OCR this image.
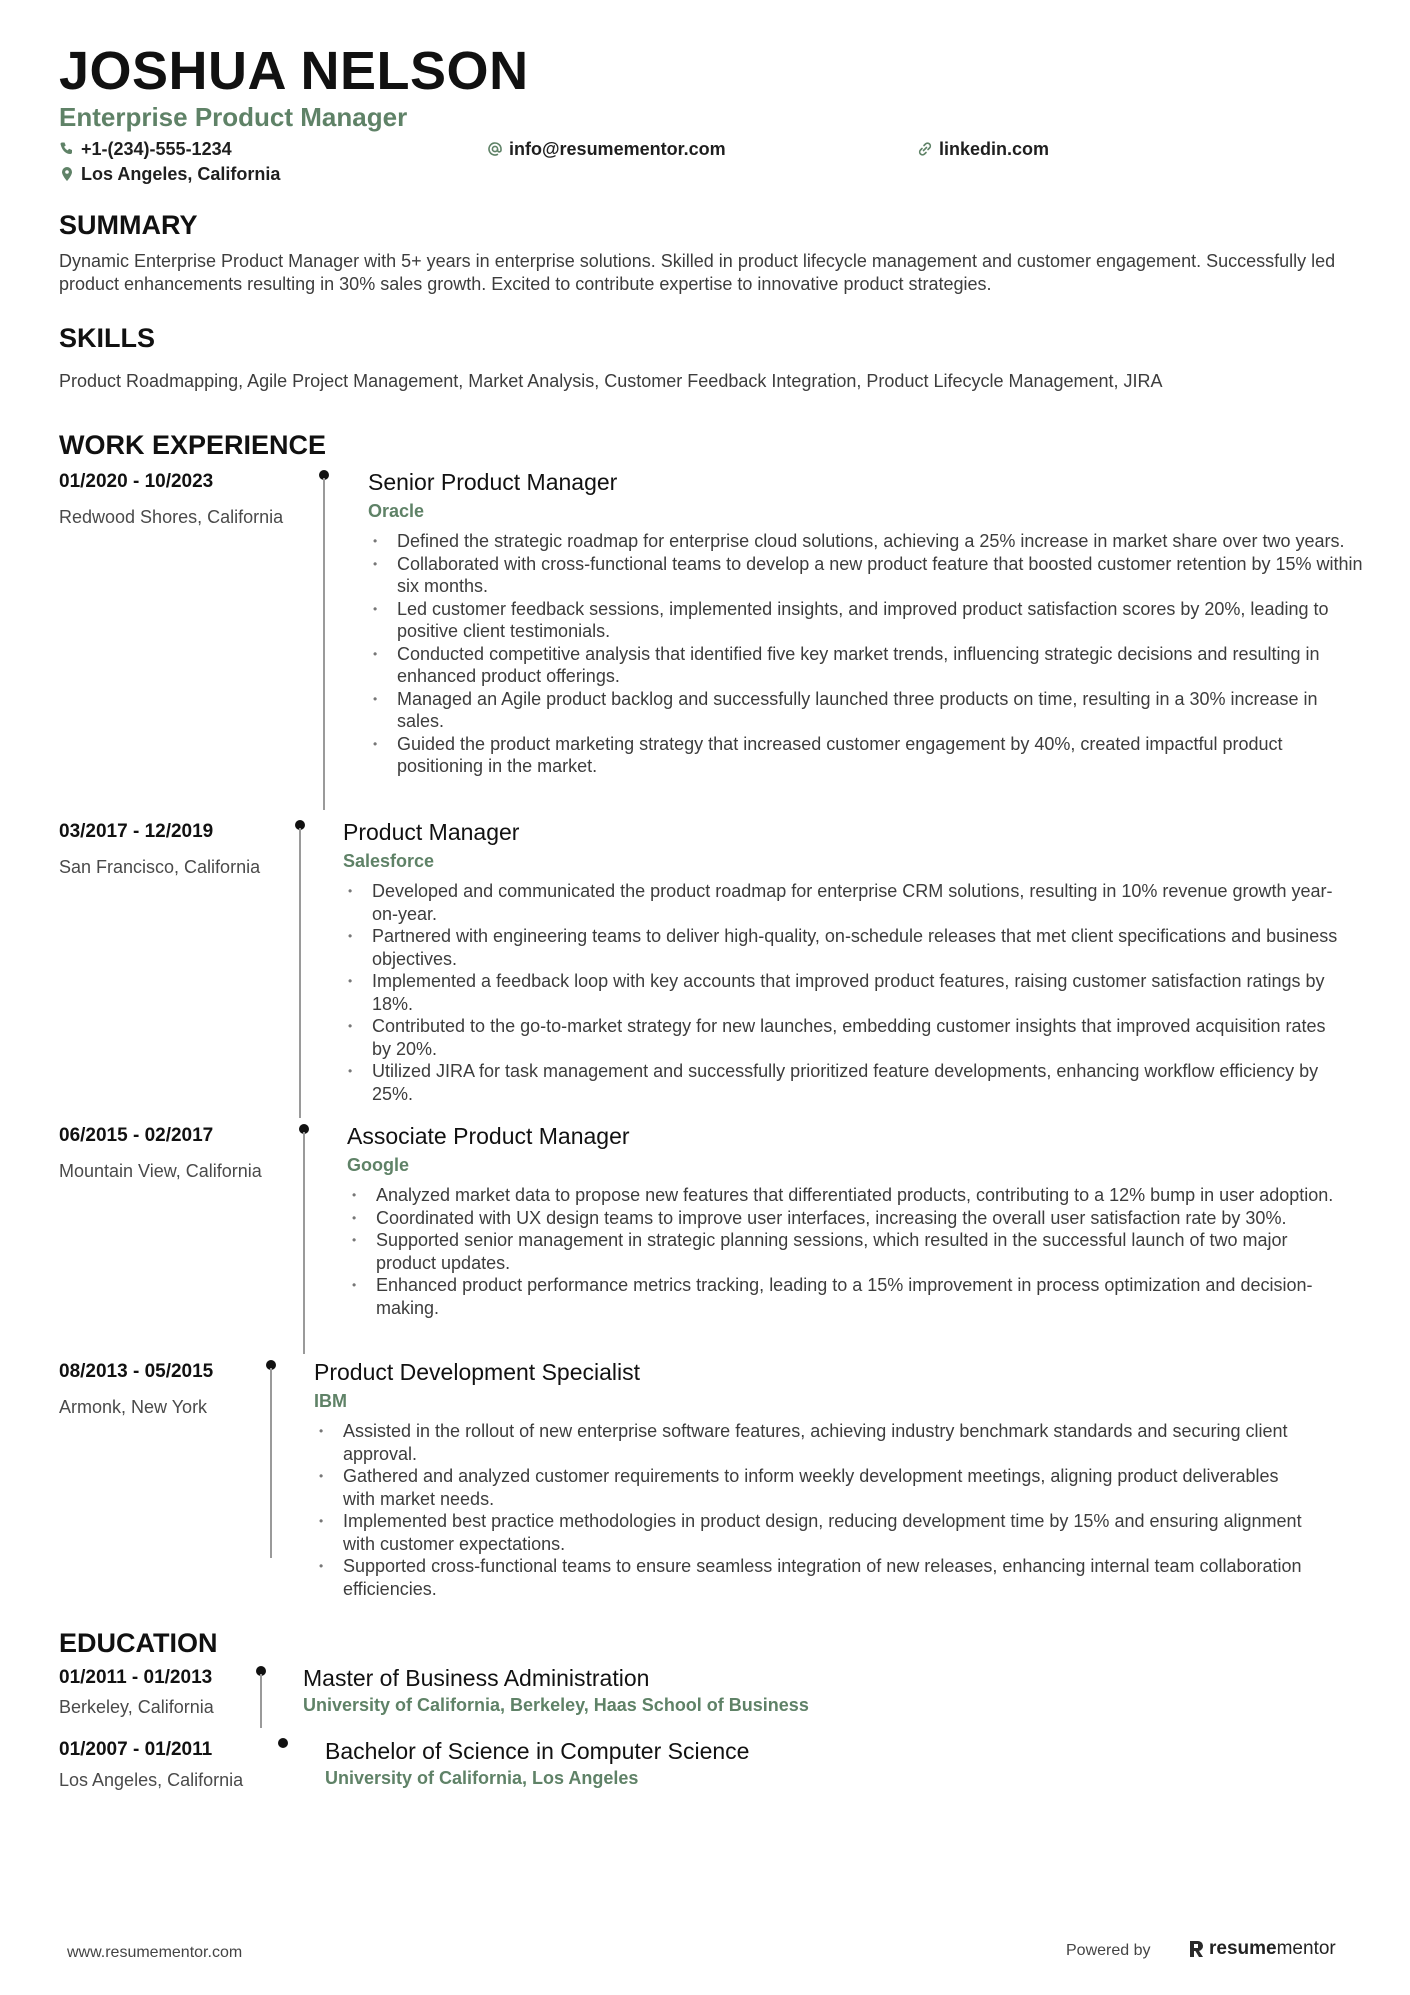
JOSHUA NELSON
Enterprise Product Manager
+1-(234)-555-1234	info@resumementor.com	linkedin.com
Los Angeles, California
SUMMARY
Dynamic Enterprise Product Manager with 5+ years in enterprise solutions. Skilled in product lifecycle management and customer engagement. Successfully led product enhancements resulting in 30% sales growth. Excited to contribute expertise to innovative product strategies.
SKILLS
Product Roadmapping, Agile Project Management, Market Analysis, Customer Feedback Integration, Product Lifecycle Management, JIRA
WORK EXPERIENCE
01/2020 - 10/2023
Redwood Shores, California
Senior Product Manager
Oracle
• Defined the strategic roadmap for enterprise cloud solutions, achieving a 25% increase in market share over two years.
• Collaborated with cross-functional teams to develop a new product feature that boosted customer retention by 15% within six months.
• Led customer feedback sessions, implemented insights, and improved product satisfaction scores by 20%, leading to positive client testimonials.
• Conducted competitive analysis that identified five key market trends, influencing strategic decisions and resulting in enhanced product offerings.
• Managed an Agile product backlog and successfully launched three products on time, resulting in a 30% increase in sales.
• Guided the product marketing strategy that increased customer engagement by 40%, created impactful product positioning in the market.
03/2017 - 12/2019
San Francisco, California
Product Manager
Salesforce
• Developed and communicated the product roadmap for enterprise CRM solutions, resulting in 10% revenue growth year-on-year.
• Partnered with engineering teams to deliver high-quality, on-schedule releases that met client specifications and business objectives.
• Implemented a feedback loop with key accounts that improved product features, raising customer satisfaction ratings by 18%.
• Contributed to the go-to-market strategy for new launches, embedding customer insights that improved acquisition rates by 20%.
• Utilized JIRA for task management and successfully prioritized feature developments, enhancing workflow efficiency by 25%.
06/2015 - 02/2017
Mountain View, California
Associate Product Manager
Google
• Analyzed market data to propose new features that differentiated products, contributing to a 12% bump in user adoption.
• Coordinated with UX design teams to improve user interfaces, increasing the overall user satisfaction rate by 30%.
• Supported senior management in strategic planning sessions, which resulted in the successful launch of two major product updates.
• Enhanced product performance metrics tracking, leading to a 15% improvement in process optimization and decision-making.
08/2013 - 05/2015
Armonk, New York
Product Development Specialist
IBM
• Assisted in the rollout of new enterprise software features, achieving industry benchmark standards and securing client approval.
• Gathered and analyzed customer requirements to inform weekly development meetings, aligning product deliverables with market needs.
• Implemented best practice methodologies in product design, reducing development time by 15% and ensuring alignment with customer expectations.
• Supported cross-functional teams to ensure seamless integration of new releases, enhancing internal team collaboration efficiencies.
EDUCATION
01/2011 - 01/2013
Berkeley, California
Master of Business Administration
University of California, Berkeley, Haas School of Business
01/2007 - 01/2011
Los Angeles, California
Bachelor of Science in Computer Science
University of California, Los Angeles
www.resumementor.com	Powered by	resumementor
